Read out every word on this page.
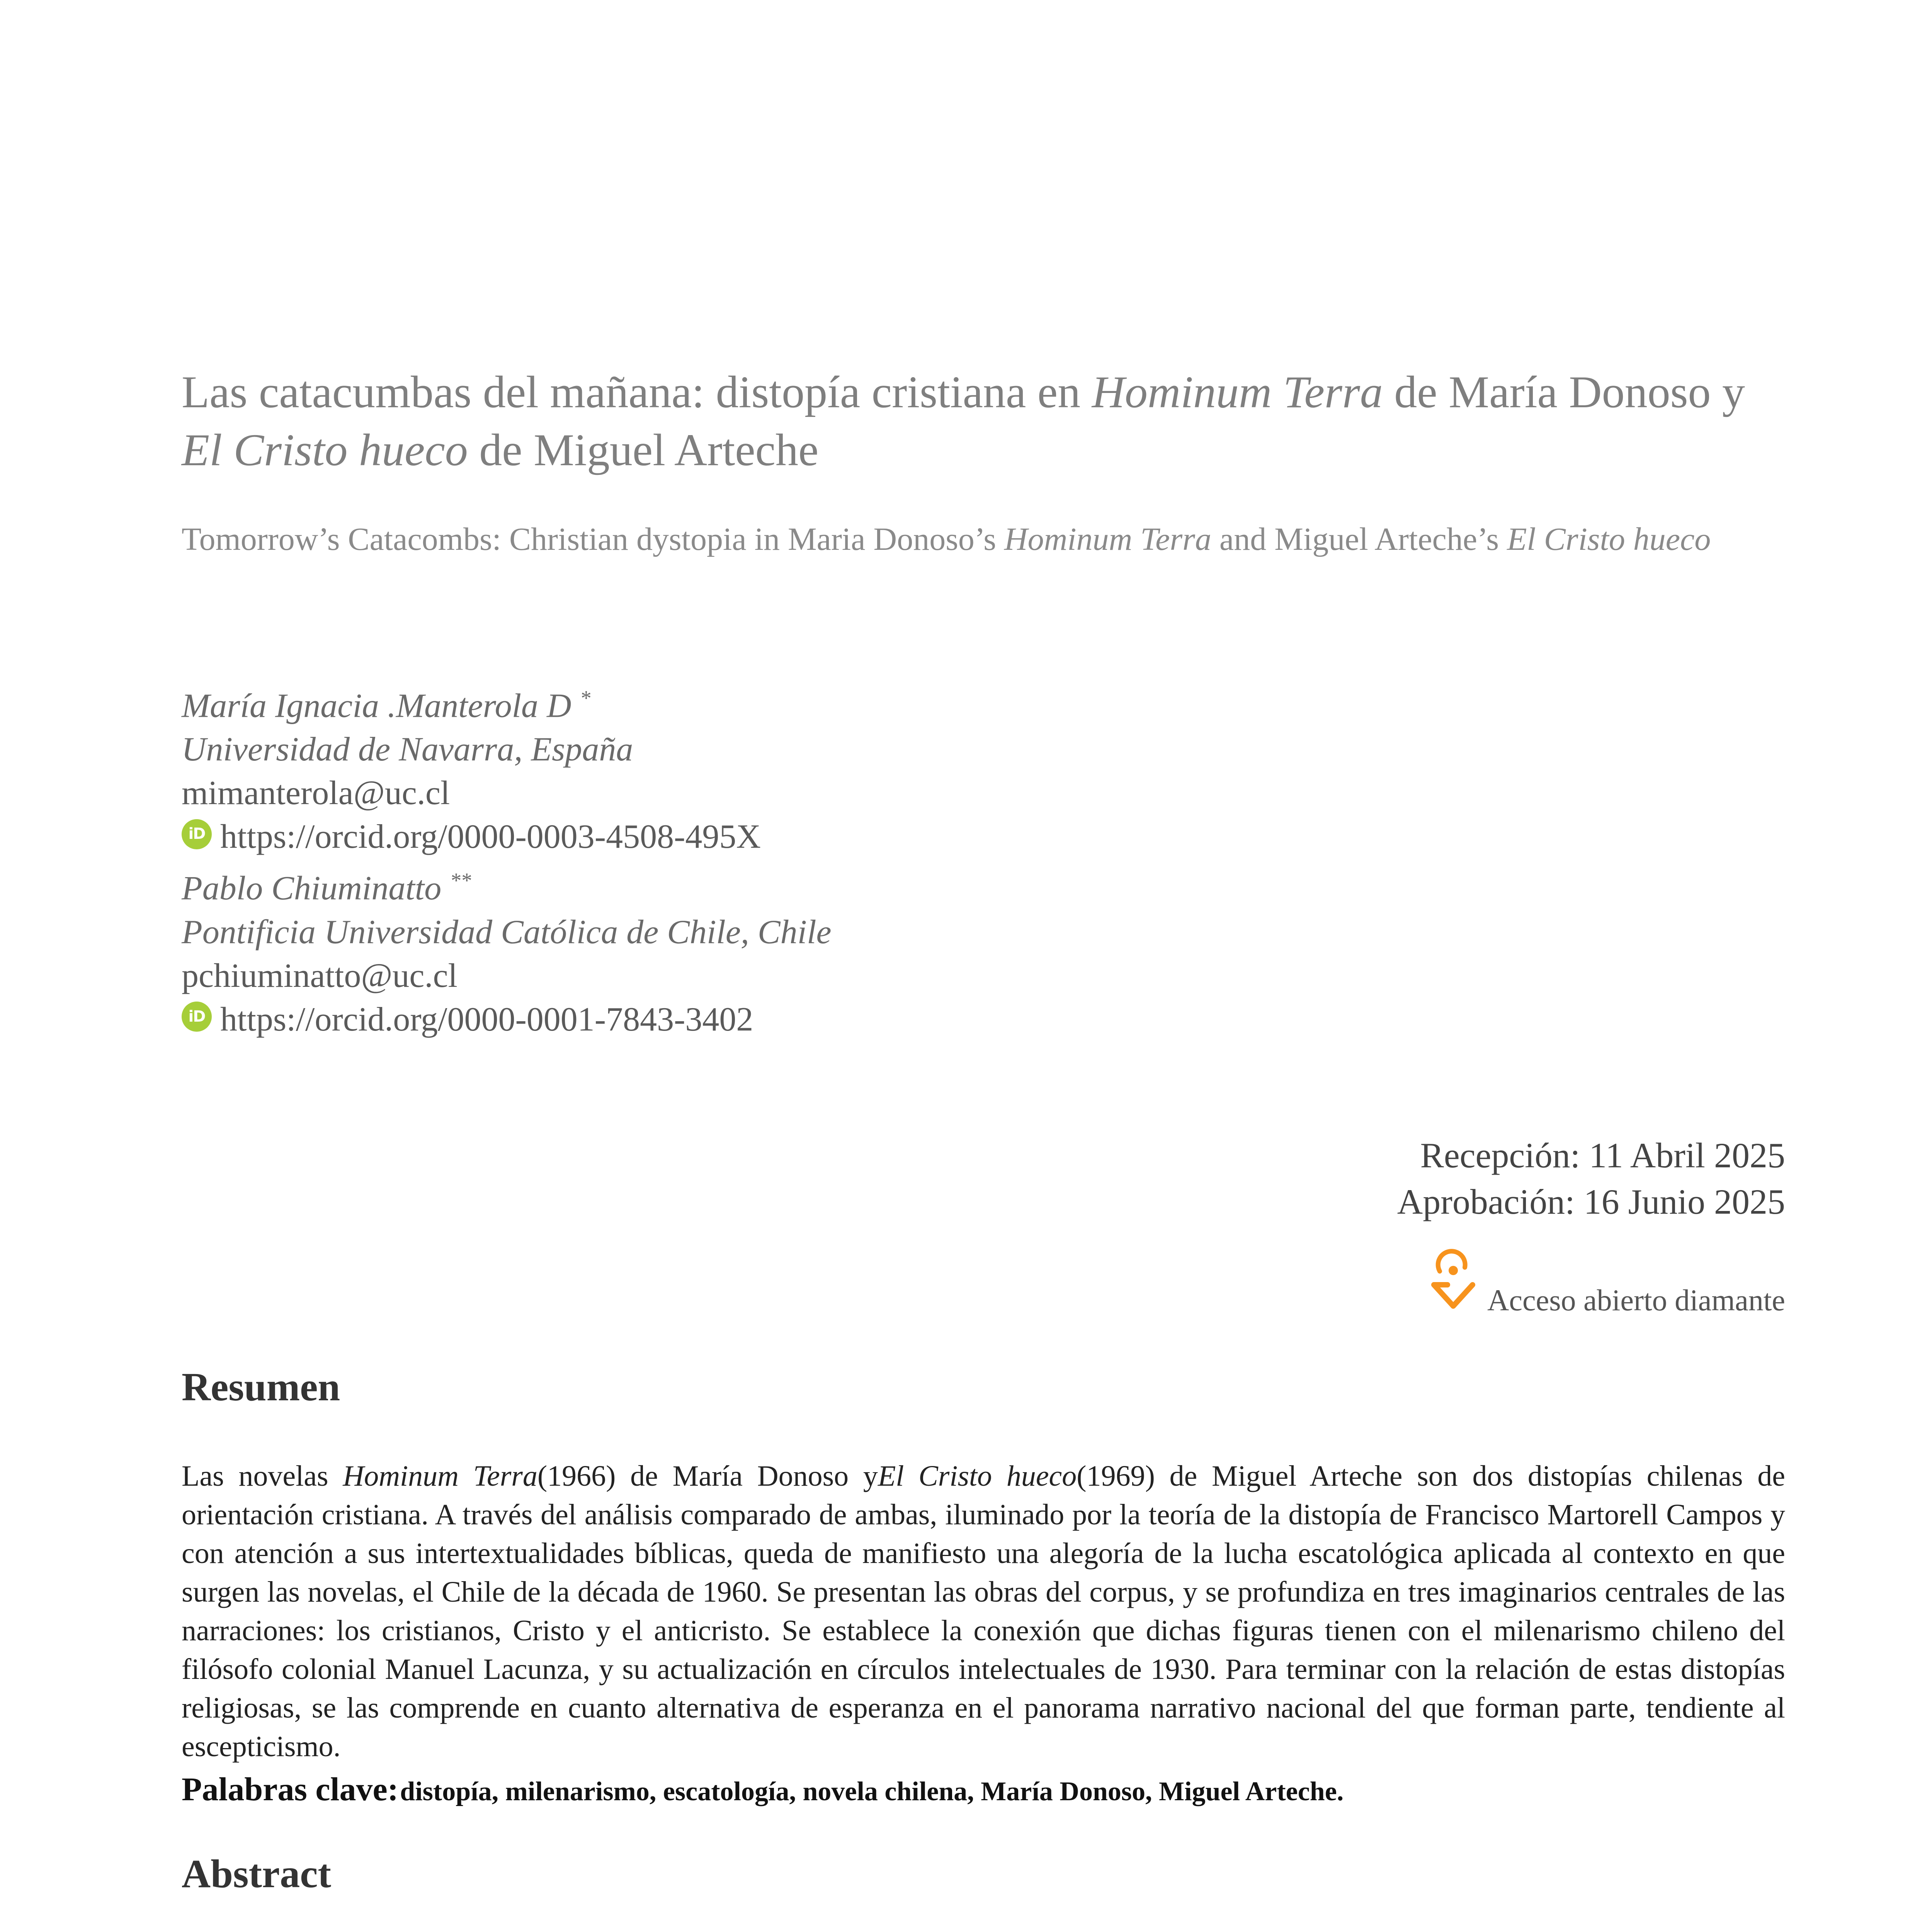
Las catacumbas del mañana: distopía cristiana en Hominum Terra de María Donoso y El Cristo hueco de Miguel Arteche
Tomorrow’s Catacombs: Christian dystopia in Maria Donoso’s Hominum Terra and Miguel Arteche’s El Cristo hueco
María Ignacia .Manterola D *
Universidad de Navarra, España
mimanterola@uc.cl
iD https://orcid.org/0000-0003-4508-495X
Pablo Chiuminatto **
Pontificia Universidad Católica de Chile, Chile
pchiuminatto@uc.cl
iD https://orcid.org/0000-0001-7843-3402
Recepción: 11 Abril 2025
Aprobación: 16 Junio 2025
Acceso abierto diamante
Resumen
Las novelas Hominum Terra(1966) de María Donoso yEl Cristo hueco(1969) de Miguel Arteche son dos distopías chilenas de orientación cristiana. A través del análisis comparado de ambas, iluminado por la teoría de la distopía de Francisco Martorell Campos y con atención a sus intertextualidades bíblicas, queda de manifiesto una alegoría de la lucha escatológica aplicada al contexto en que surgen las novelas, el Chile de la década de 1960. Se presentan las obras del corpus, y se profundiza en tres imaginarios centrales de las narraciones: los cristianos, Cristo y el anticristo. Se establece la conexión que dichas figuras tienen con el milenarismo chileno del filósofo colonial Manuel Lacunza, y su actualización en círculos intelectuales de 1930. Para terminar con la relación de estas distopías religiosas, se las comprende en cuanto alternativa de esperanza en el panorama narrativo nacional del que forman parte, tendiente al escepticismo.
Palabras clave: distopía, milenarismo, escatología, novela chilena, María Donoso, Miguel Arteche.
Abstract
